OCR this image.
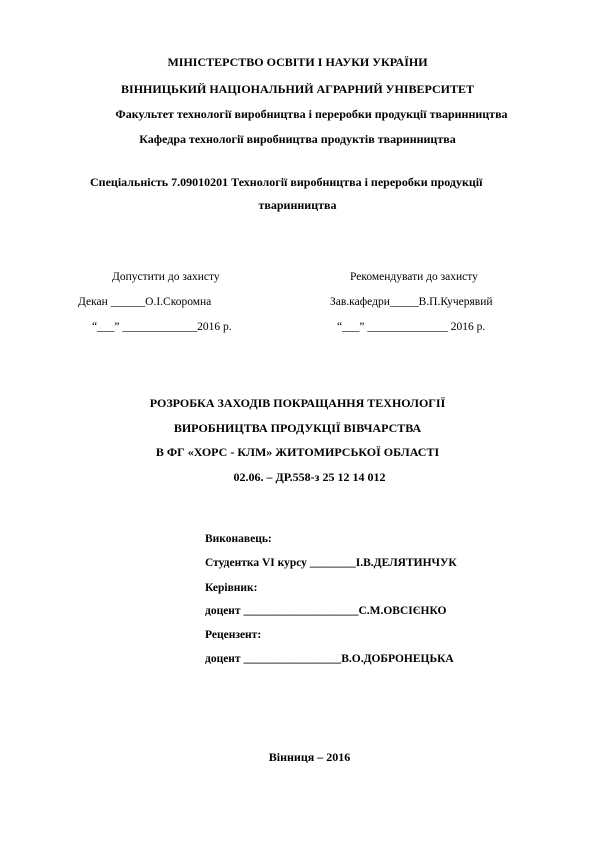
МІНІСТЕРСТВО ОСВІТИ І НАУКИ УКРАЇНИ
ВІННИЦЬКИЙ НАЦІОНАЛЬНИЙ АГРАРНИЙ УНІВЕРСИТЕТ
Факультет технології виробництва і переробки продукції тваринництва
Кафедра технології виробництва продуктів тваринництва
Спеціальність 7.09010201 Технології виробництва і переробки продукції
тваринництва
Допустити до захисту
Декан ______О.І.Скоромна
“___” _____________2016 р.
Рекомендувати до захисту
Зав.кафедри_____В.П.Кучерявий
“___” ______________ 2016 р.
РОЗРОБКА ЗАХОДІВ ПОКРАЩАННЯ ТЕХНОЛОГІЇ
ВИРОБНИЦТВА ПРОДУКЦІЇ ВІВЧАРСТВА
В ФГ «ХОРС - КЛМ» ЖИТОМИРСЬКОЇ ОБЛАСТІ
02.06. – ДР.558-з 25 12 14 012
Виконавець:
Студентка VI курсу ________І.В.ДЕЛЯТИНЧУК
Керівник:
доцент ____________________С.М.ОВСІЄНКО
Рецензент:
доцент _________________В.О.ДОБРОНЕЦЬКА
Вінниця – 2016
